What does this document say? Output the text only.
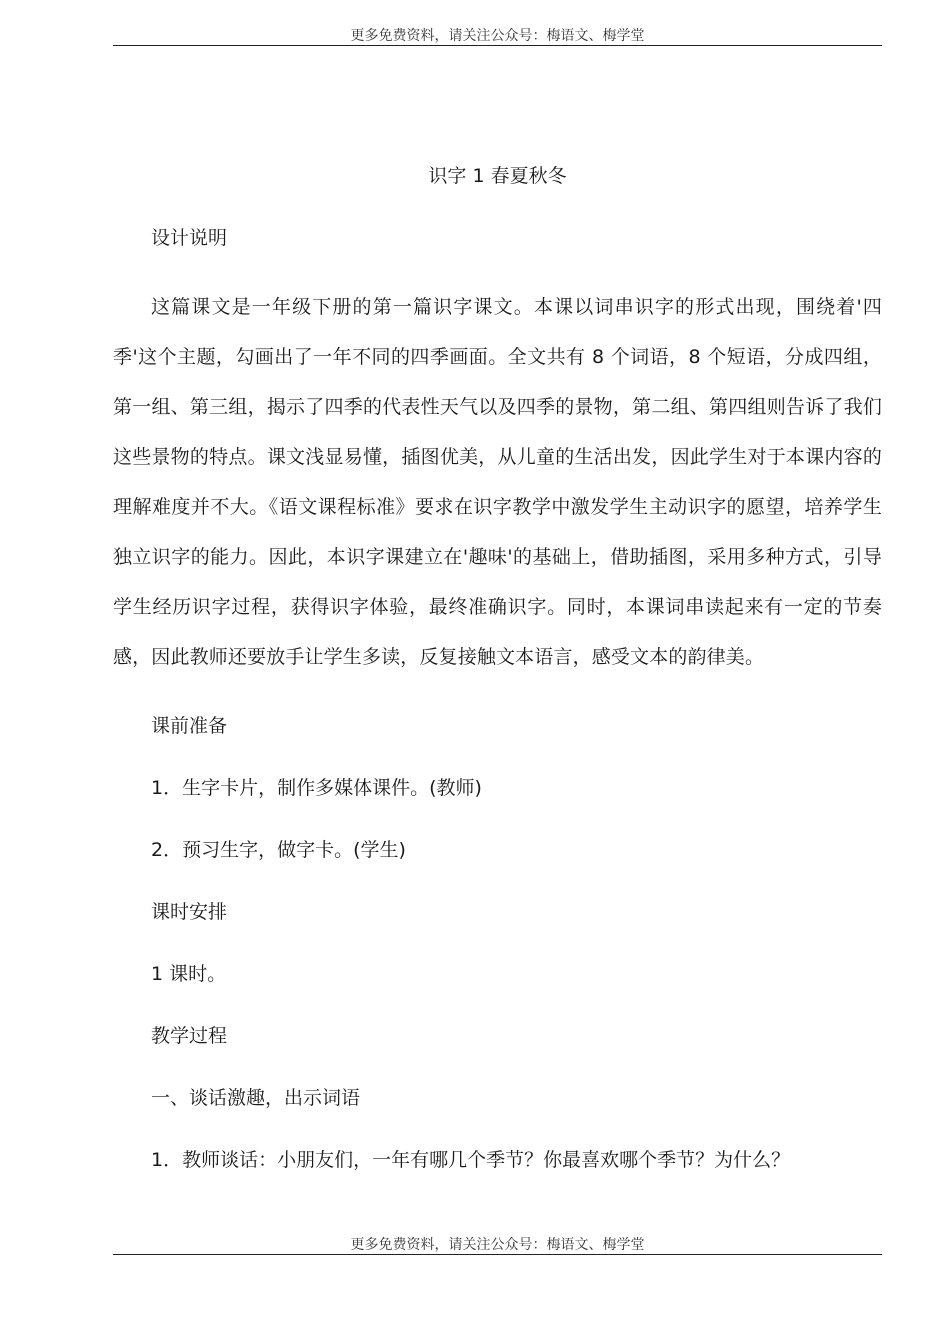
更多免费资料，请关注公众号：梅语文、梅学堂
识字 1 春夏秋冬

设计说明

这篇课文是一年级下册的第一篇识字课文。本课以词串识字的形式出现，围绕着'四季'这个主题，勾画出了一年不同的四季画面。全文共有 8 个词语，8 个短语，分成四组，第一组、第三组，揭示了四季的代表性天气以及四季的景物，第二组、第四组则告诉了我们这些景物的特点。课文浅显易懂，插图优美，从儿童的生活出发，因此学生对于本课内容的理解难度并不大。《语文课程标准》要求在识字教学中激发学生主动识字的愿望，培养学生独立识字的能力。因此，本识字课建立在'趣味'的基础上，借助插图，采用多种方式，引导学生经历识字过程，获得识字体验，最终准确识字。同时，本课词串读起来有一定的节奏感，因此教师还要放手让学生多读，反复接触文本语言，感受文本的韵律美。

课前准备

1．生字卡片，制作多媒体课件。(教师)

2．预习生字，做字卡。(学生)

课时安排

1 课时。

教学过程

一、谈话激趣，出示词语

1．教师谈话：小朋友们，一年有哪几个季节？你最喜欢哪个季节？为什么？

更多免费资料，请关注公众号：梅语文、梅学堂
